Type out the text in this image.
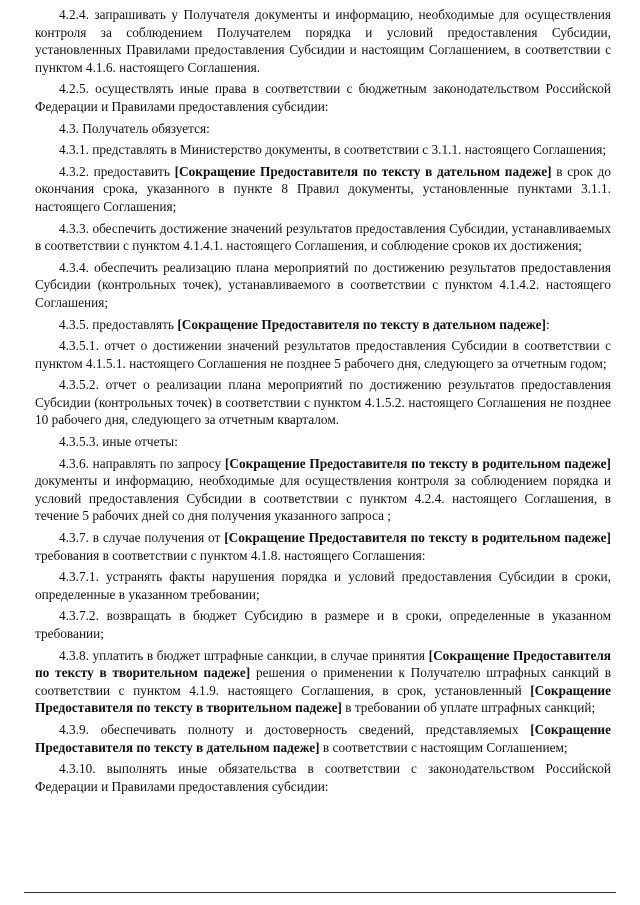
4.2.4. запрашивать у Получателя документы и информацию, необходимые для осуществления контроля за соблюдением Получателем порядка и условий предоставления Субсидии, установленных Правилами предоставления Субсидии и настоящим Соглашением, в соответствии с пунктом 4.1.6. настоящего Соглашения.

4.2.5. осуществлять иные права в соответствии с бюджетным законодательством Российской Федерации и Правилами предоставления субсидии:

4.3. Получатель обязуется:

4.3.1. представлять в Министерство документы, в соответствии с 3.1.1. настоящего Соглашения;

4.3.2. предоставить [Сокращение Предоставителя по тексту в дательном падеже] в срок до окончания срока, указанного в пункте 8 Правил документы, установленные пунктами 3.1.1. настоящего Соглашения;

4.3.3. обеспечить достижение значений результатов предоставления Субсидии, устанавливаемых в соответствии с пунктом 4.1.4.1. настоящего Соглашения, и соблюдение сроков их достижения;

4.3.4. обеспечить реализацию плана мероприятий по достижению результатов предоставления Субсидии (контрольных точек), устанавливаемого в соответствии с пунктом 4.1.4.2. настоящего Соглашения;

4.3.5. предоставлять [Сокращение Предоставителя по тексту в дательном падеже]:

4.3.5.1. отчет о достижении значений результатов предоставления Субсидии в соответствии с пунктом 4.1.5.1. настоящего Соглашения не позднее 5 рабочего дня, следующего за отчетным годом;

4.3.5.2. отчет о реализации плана мероприятий по достижению результатов предоставления Субсидии (контрольных точек) в соответствии с пунктом 4.1.5.2. настоящего Соглашения не позднее 10 рабочего дня, следующего за отчетным кварталом.

4.3.5.3. иные отчеты:

4.3.6. направлять по запросу [Сокращение Предоставителя по тексту в родительном падеже] документы и информацию, необходимые для осуществления контроля за соблюдением порядка и условий предоставления Субсидии в соответствии с пунктом 4.2.4. настоящего Соглашения, в течение 5 рабочих дней со дня получения указанного запроса ;

4.3.7. в случае получения от [Сокращение Предоставителя по тексту в родительном падеже] требования в соответствии с пунктом 4.1.8. настоящего Соглашения:

4.3.7.1. устранять факты нарушения порядка и условий предоставления Субсидии в сроки, определенные в указанном требовании;

4.3.7.2. возвращать в бюджет Субсидию в размере и в сроки, определенные в указанном требовании;

4.3.8. уплатить в бюджет штрафные санкции, в случае принятия [Сокращение Предоставителя по тексту в творительном падеже] решения о применении к Получателю штрафных санкций в соответствии с пунктом 4.1.9. настоящего Соглашения, в срок, установленный [Сокращение Предоставителя по тексту в творительном падеже] в требовании об уплате штрафных санкций;

4.3.9. обеспечивать полноту и достоверность сведений, представляемых [Сокращение Предоставителя по тексту в дательном падеже] в соответствии с настоящим Соглашением;

4.3.10. выполнять иные обязательства в соответствии с законодательством Российской Федерации и Правилами предоставления субсидии:
